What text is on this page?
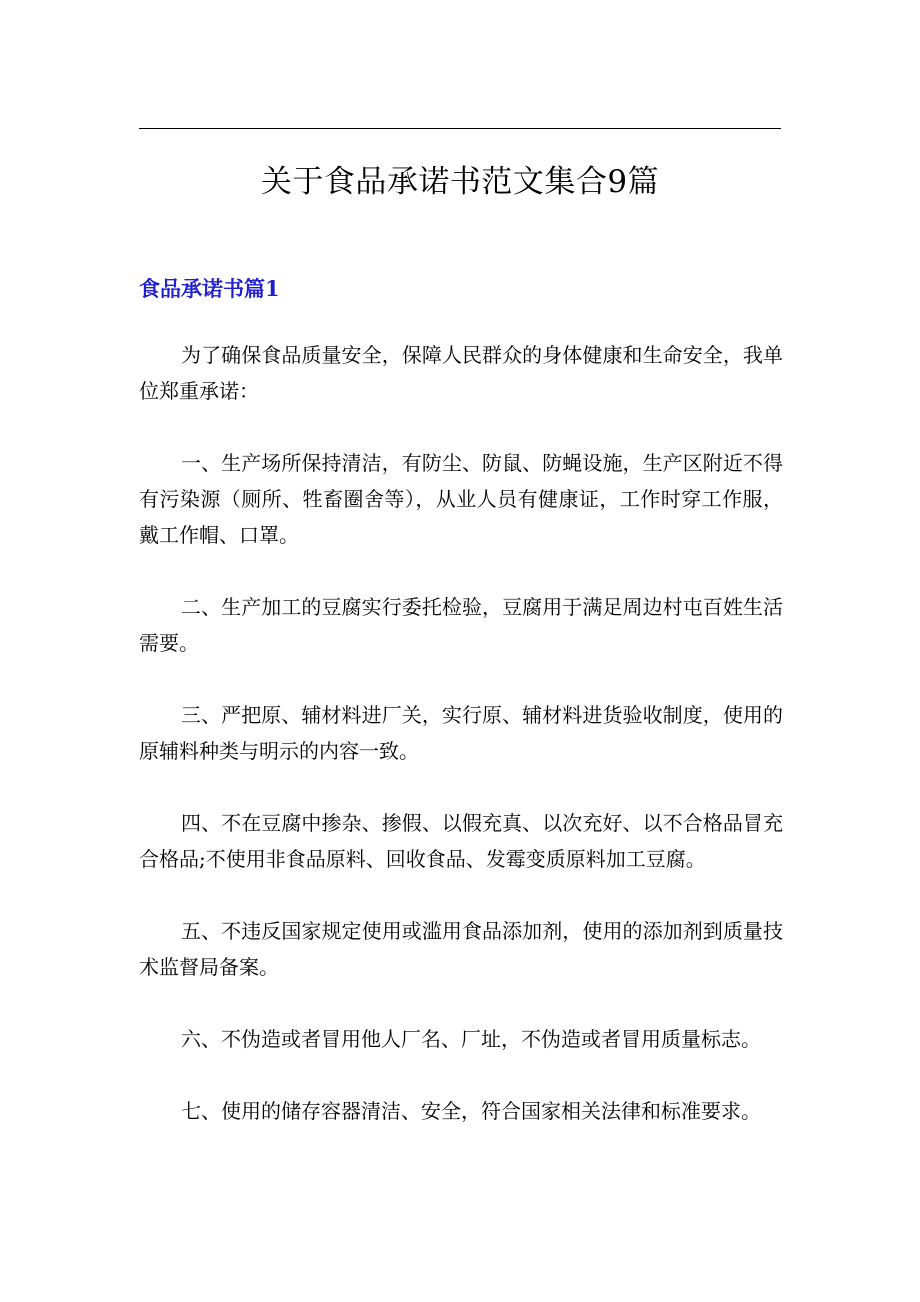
关于食品承诺书范文集合9篇
食品承诺书篇1

为了确保食品质量安全，保障人民群众的身体健康和生命安全，我单位郑重承诺：

一、生产场所保持清洁，有防尘、防鼠、防蝇设施，生产区附近不得有污染源（厕所、牲畜圈舍等），从业人员有健康证，工作时穿工作服，戴工作帽、口罩。

二、生产加工的豆腐实行委托检验，豆腐用于满足周边村屯百姓生活需要。

三、严把原、辅材料进厂关，实行原、辅材料进货验收制度，使用的原辅料种类与明示的内容一致。

四、不在豆腐中掺杂、掺假、以假充真、以次充好、以不合格品冒充合格品;不使用非食品原料、回收食品、发霉变质原料加工豆腐。

五、不违反国家规定使用或滥用食品添加剂，使用的添加剂到质量技术监督局备案。

六、不伪造或者冒用他人厂名、厂址，不伪造或者冒用质量标志。

七、使用的储存容器清洁、安全，符合国家相关法律和标准要求。
